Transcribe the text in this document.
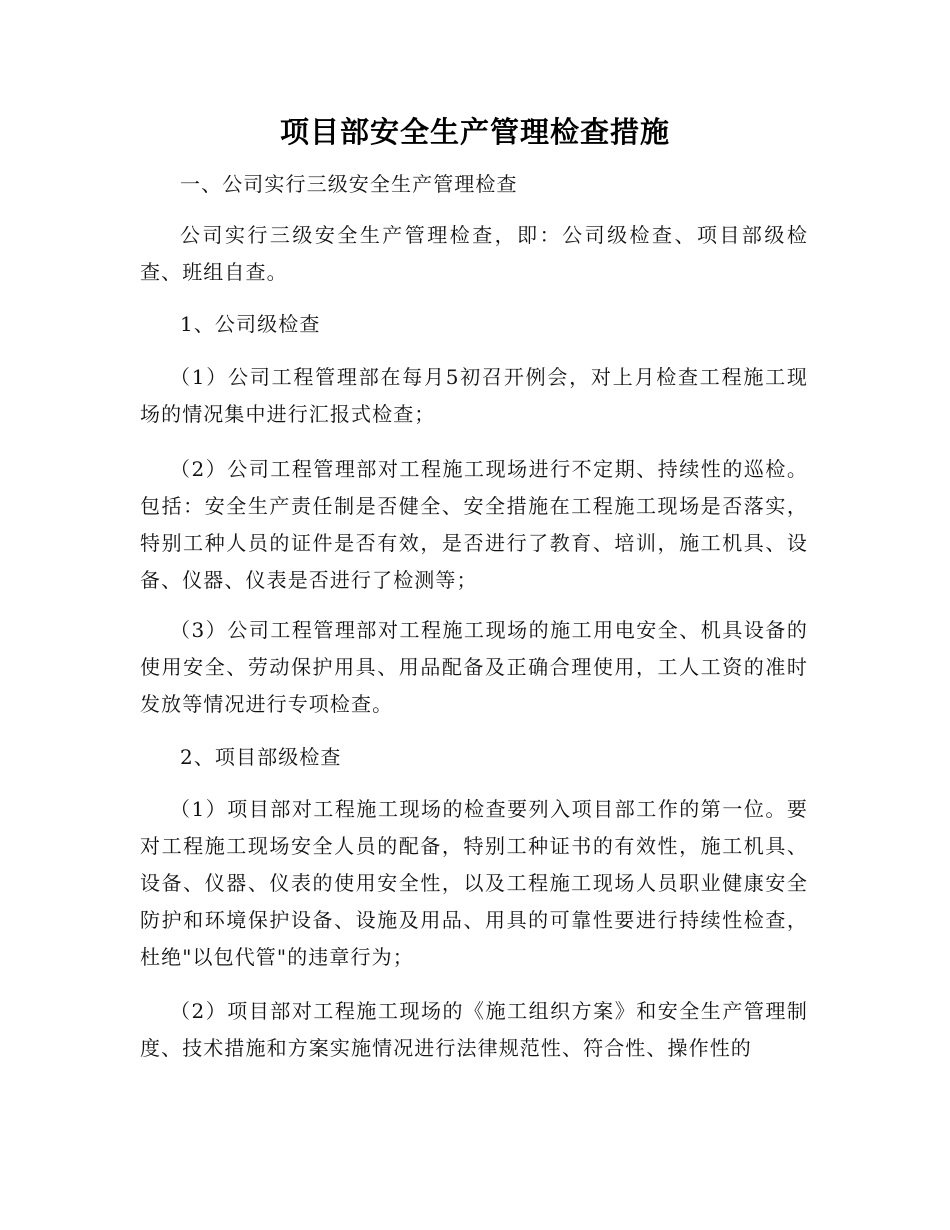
项目部安全生产管理检查措施

一、公司实行三级安全生产管理检查

公司实行三级安全生产管理检查，即：公司级检查、项目部级检查、班组自查。

1、公司级检查

（1）公司工程管理部在每月5初召开例会，对上月检查工程施工现场的情况集中进行汇报式检查；

（2）公司工程管理部对工程施工现场进行不定期、持续性的巡检。包括：安全生产责任制是否健全、安全措施在工程施工现场是否落实，特别工种人员的证件是否有效，是否进行了教育、培训，施工机具、设备、仪器、仪表是否进行了检测等；

（3）公司工程管理部对工程施工现场的施工用电安全、机具设备的使用安全、劳动保护用具、用品配备及正确合理使用，工人工资的准时发放等情况进行专项检查。

2、项目部级检查

（1）项目部对工程施工现场的检查要列入项目部工作的第一位。要对工程施工现场安全人员的配备，特别工种证书的有效性，施工机具、设备、仪器、仪表的使用安全性，以及工程施工现场人员职业健康安全防护和环境保护设备、设施及用品、用具的可靠性要进行持续性检查，杜绝"以包代管"的违章行为；

（2）项目部对工程施工现场的《施工组织方案》和安全生产管理制度、技术措施和方案实施情况进行法律规范性、符合性、操作性的
